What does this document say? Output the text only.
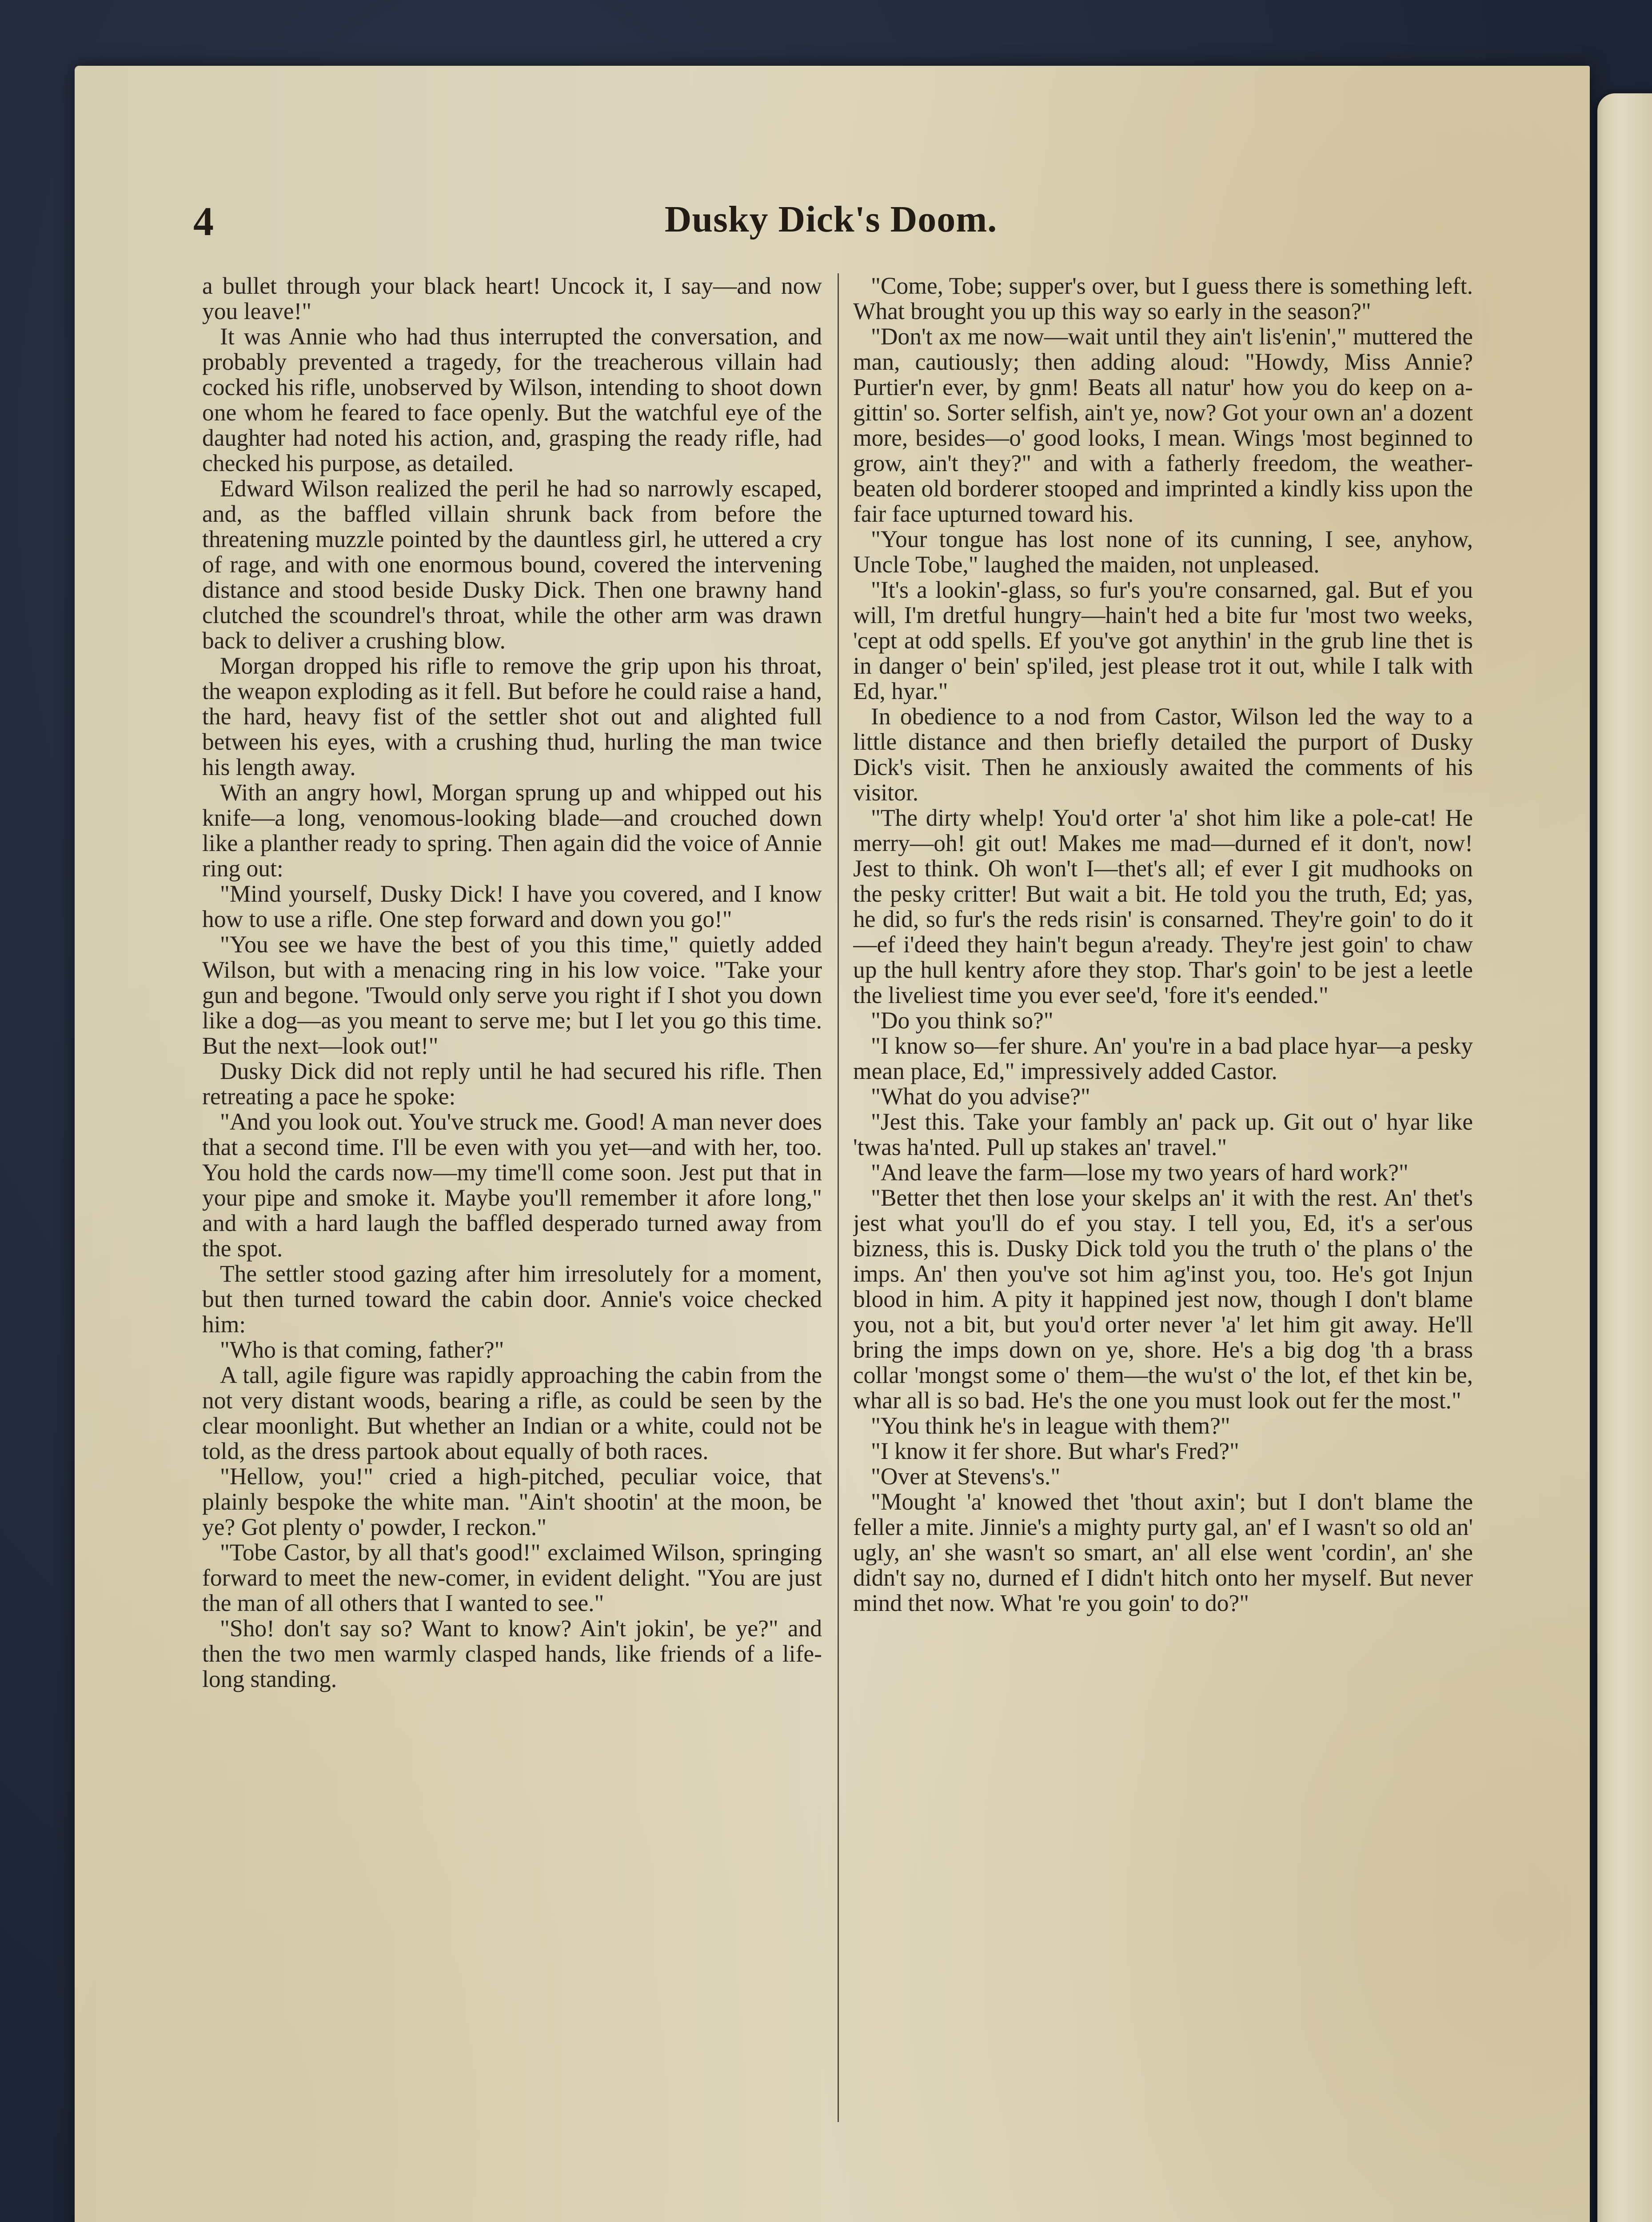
4	Dusky Dick's Doom.

a bullet through your black heart! Uncock it, I say—and now you leave!"

It was Annie who had thus interrupted the conversation, and probably prevented a tragedy, for the treacherous villain had cocked his rifle, unobserved by Wilson, intending to shoot down one whom he feared to face openly. But the watchful eye of the daughter had noted his action, and, grasping the ready rifle, had checked his purpose, as detailed.

Edward Wilson realized the peril he had so narrowly escaped, and, as the baffled villain shrunk back from before the threatening muzzle pointed by the dauntless girl, he uttered a cry of rage, and with one enormous bound, covered the intervening distance and stood beside Dusky Dick. Then one brawny hand clutched the scoundrel's throat, while the other arm was drawn back to deliver a crushing blow.

Morgan dropped his rifle to remove the grip upon his throat, the weapon exploding as it fell. But before he could raise a hand, the hard, heavy fist of the settler shot out and alighted full between his eyes, with a crushing thud, hurling the man twice his length away.

With an angry howl, Morgan sprung up and whipped out his knife—a long, venomous-looking blade—and crouched down like a planther ready to spring. Then again did the voice of Annie ring out:

"Mind yourself, Dusky Dick! I have you covered, and I know how to use a rifle. One step forward and down you go!"

"You see we have the best of you this time," quietly added Wilson, but with a menacing ring in his low voice. "Take your gun and begone. 'Twould only serve you right if I shot you down like a dog—as you meant to serve me; but I let you go this time. But the next—look out!"

Dusky Dick did not reply until he had secured his rifle. Then retreating a pace he spoke:

"And you look out. You've struck me. Good! A man never does that a second time. I'll be even with you yet—and with her, too. You hold the cards now—my time'll come soon. Jest put that in your pipe and smoke it. Maybe you'll remember it afore long," and with a hard laugh the baffled desperado turned away from the spot.

The settler stood gazing after him irresolutely for a moment, but then turned toward the cabin door. Annie's voice checked him:

"Who is that coming, father?"

A tall, agile figure was rapidly approaching the cabin from the not very distant woods, bearing a rifle, as could be seen by the clear moonlight. But whether an Indian or a white, could not be told, as the dress partook about equally of both races.

"Hellow, you!" cried a high-pitched, peculiar voice, that plainly bespoke the white man. "Ain't shootin' at the moon, be ye? Got plenty o' powder, I reckon."

"Tobe Castor, by all that's good!" exclaimed Wilson, springing forward to meet the new-comer, in evident delight. "You are just the man of all others that I wanted to see."

"Sho! don't say so? Want to know? Ain't jokin', be ye?" and then the two men warmly clasped hands, like friends of a life-long standing.

"Come, Tobe; supper's over, but I guess there is something left. What brought you up this way so early in the season?"

"Don't ax me now—wait until they ain't lis'enin'," muttered the man, cautiously; then adding aloud: "Howdy, Miss Annie? Purtier'n ever, by gnm! Beats all natur' how you do keep on a-gittin' so. Sorter selfish, ain't ye, now? Got your own an' a dozent more, besides—o' good looks, I mean. Wings 'most beginned to grow, ain't they?" and with a fatherly freedom, the weather-beaten old borderer stooped and imprinted a kindly kiss upon the fair face upturned toward his.

"Your tongue has lost none of its cunning, I see, anyhow, Uncle Tobe," laughed the maiden, not unpleased.

"It's a lookin'-glass, so fur's you're consarned, gal. But ef you will, I'm dretful hungry—hain't hed a bite fur 'most two weeks, 'cept at odd spells. Ef you've got anythin' in the grub line thet is in danger o' bein' sp'iled, jest please trot it out, while I talk with Ed, hyar."

In obedience to a nod from Castor, Wilson led the way to a little distance and then briefly detailed the purport of Dusky Dick's visit. Then he anxiously awaited the comments of his visitor.

"The dirty whelp! You'd orter 'a' shot him like a pole-cat! He merry—oh! git out! Makes me mad—durned ef it don't, now! Jest to think. Oh won't I—thet's all; ef ever I git mudhooks on the pesky critter! But wait a bit. He told you the truth, Ed; yas, he did, so fur's the reds risin' is consarned. They're goin' to do it—ef i'deed they hain't begun a'ready. They're jest goin' to chaw up the hull kentry afore they stop. Thar's goin' to be jest a leetle the liveliest time you ever see'd, 'fore it's eended."

"Do you think so?"

"I know so—fer shure. An' you're in a bad place hyar—a pesky mean place, Ed," impressively added Castor.

"What do you advise?"

"Jest this. Take your fambly an' pack up. Git out o' hyar like 'twas ha'nted. Pull up stakes an' travel."

"And leave the farm—lose my two years of hard work?"

"Better thet then lose your skelps an' it with the rest. An' thet's jest what you'll do ef you stay. I tell you, Ed, it's a ser'ous bizness, this is. Dusky Dick told you the truth o' the plans o' the imps. An' then you've sot him ag'inst you, too. He's got Injun blood in him. A pity it happined jest now, though I don't blame you, not a bit, but you'd orter never 'a' let him git away. He'll bring the imps down on ye, shore. He's a big dog 'th a brass collar 'mongst some o' them—the wu'st o' the lot, ef thet kin be, whar all is so bad. He's the one you must look out fer the most."

"You think he's in league with them?"

"I know it fer shore. But whar's Fred?"

"Over at Stevens's."

"Mought 'a' knowed thet 'thout axin'; but I don't blame the feller a mite. Jinnie's a mighty purty gal, an' ef I wasn't so old an' ugly, an' she wasn't so smart, an' all else went 'cordin', an' she didn't say no, durned ef I didn't hitch onto her myself. But never mind thet now. What 're you goin' to do?"
